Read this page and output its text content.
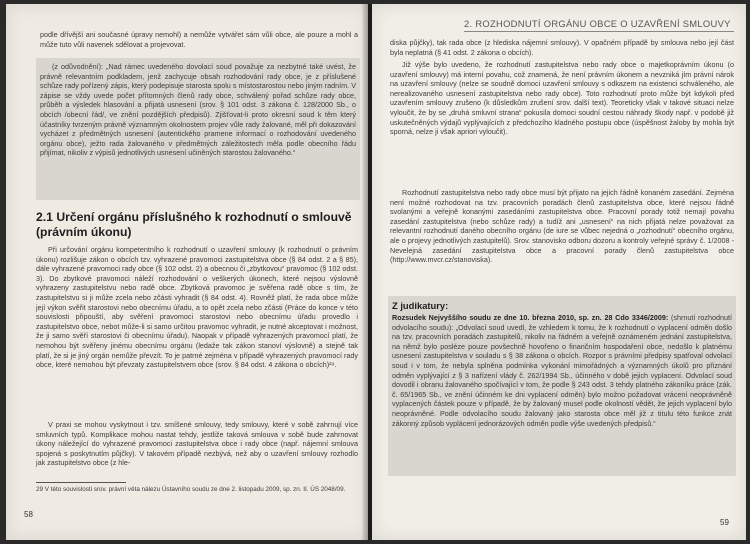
podle dřívější ani současné úpravy nemohl) a nemůže vytvářet sám vůli obce, ale pouze a mohl a může tuto vůli navenek sdělovat a projevovat.

(z odůvodnění): „Nad rámec uvedeného dovolací soud považuje za nezbytné také uvést, že právně relevantním podkladem, jenž zachycuje obsah rozhodování rady obce, je z příslušené schůze rady pořízený zápis, který podepisuje starosta spolu s místostarostou nebo jiným radním. V zápise se vždy uvede počet přítomných členů rady obce, schválený pořad schůze rady obce, průběh a výsledek hlasování a přijatá usnesení (srov. § 101 odst. 3 zákona č. 128/2000 Sb., o obcích /obecní řád/, ve znění pozdějších předpisů). Zjišťovat-li proto okresní soud k těm který účastníky tvrzeným právně významným okolnostem projev vůle rady žalované, měl při dokazování vycházet z předmětných usnesení (autentického pramene informací o rozhodování uvedeného orgánu obce), ježto rada žalovaného v předmětných záležitostech měla podle obecního řádu přijímat, nikoliv z výpisů jednotlivých usnesení učiněných starostou žalovaného.“

2.1 Určení orgánu příslušného k rozhodnutí o smlouvě (právním úkonu)

Při určování orgánu kompetentního k rozhodnutí o uzavření smlouvy (k rozhodnutí o právním úkonu) rozlišuje zákon o obcích tzv. vyhrazené pravomoci zastupitelstva obce (§ 84 odst. 2 a § 85), dále vyhrazené pravomoci rady obce (§ 102 odst. 2) a obecnou či „zbytkovou“ pravomoc (§ 102 odst. 3). Do zbytkové pravomoci náleží rozhodování o veškerých úkonech, které nejsou výslovně vyhrazeny zastupitelstvu nebo radě obce. Zbytková pravomoc je svěřena radě obce s tím, že zastupitelstvu si ji může zcela nebo zčásti vyhradit (§ 84 odst. 4). Rovněž platí, že rada obce může její výkon svěřit starostovi nebo obecnímu úřadu, a to opět zcela nebo zčásti (Práce do konce v této souvislosti připouští, aby svěření pravomoci starostovi nebo obecnímu úřadu provedlo i zastupitelstvo obce, nebot může-li si samo určitou pravomoc vyhradit, je nutné akceptovat i možnost, že ji samo svěří starostovi či obecnímu úřadu). Naopak v případě vyhrazených pravomocí platí, že nemohou být svěřeny jinému obecnímu orgánu (ledaže tak zákon stanoví výslovně) a stejně tak platí, že si je jiný orgán nemůže převzít. To je patrné zejména v případě vyhrazených pravomocí rady obce, které nemohou být převzaty zastupitelstvem obce (srov. § 84 odst. 4 zákona o obcích)²⁹.

V praxi se mohou vyskytnout i tzv. smíšené smlouvy, tedy smlouvy, které v sobě zahrnují více smluvních typů. Komplikace mohou nastat tehdy, jestliže taková smlouva v sobě bude zahrnovat úkony náležející do vyhrazené pravomoci zastupitelstva obce i rady obce (např. nájemní smlouva spojená s poskytnutím půjčky). V takovém případě nezbývá, než aby o uzavření smlouvy rozhodlo jak zastupitelstvo obce (z hle-

29 V této souvislosti srov. právní věta nálezu Ústavního soudu ze dne 2. listopadu 2009, sp. zn. II. ÚS 2048/09.

58
2. ROZHODNUTÍ ORGÁNU OBCE O UZAVŘENÍ SMLOUVY

diska půjčky), tak rada obce (z hlediska nájemní smlouvy). V opačném případě by smlouva nebo její část byla neplatná (§ 41 odst. 2 zákona o obcích).

Již výše bylo uvedeno, že rozhodnutí zastupitelstva nebo rady obce o majetkoprávním úkonu (o uzavření smlouvy) má interní povahu, což znamená, že není právním úkonem a nevzniká jím právní nárok na uzavření smlouvy (nelze se soudně domoci uzavření smlouvy s odkazem na existenci schváleného, ale nerealizovaného usnesení zastupitelstva nebo rady obce). Toto rozhodnutí proto může být kdykoli před uzavřením smlouvy zrušeno (k důsledkům zrušení srov. další text). Teoreticky však v takové situaci nelze vyloučit, že by se „druhá smluvní strana“ pokusila domoci soudní cestou náhrady škody např. v podobě již uskutečněných výdajů vyplývajících z předchozího kladného postupu obce (úspěšnost žaloby by mohla být sporná, nelze ji však apriori vyloučit).

Rozhodnutí zastupitelstva nebo rady obce musí být přijato na jejich řádně konaném zasedání. Zejména není možné rozhodovat na tzv. pracovních poradách členů zastupitelstva obce, které nejsou řádně svolanými a veřejně konanými zasedáními zastupitelstva obce. Pracovní porady totiž nemají povahu zasedání zastupitelstva (nebo schůze rady) a tudíž ani „usnesení“ na nich přijatá nelze považovat za relevantní rozhodnutí daného obecního orgánu (de iure se vůbec nejedná o „rozhodnutí“ obecního orgánu, ale o projevy jednotlivých zastupitelů). Srov. stanovisko odboru dozoru a kontroly veřejné správy č. 1/2008 - Nevelejná zasedání zastupitelstva obce a pracovní porady členů zastupitelstva obce (http://www.mvcr.cz/stanoviska).

Z judikatury:

Rozsudek Nejvyššího soudu ze dne 10. března 2010, sp. zn. 28 Cdo 3346/2009: (shrnutí rozhodnutí odvolacího soudu): „Odvolací soud uvedl, že vzhledem k tomu, že k rozhodnutí o vyplacení odměn došlo na tzv. pracovních poradách zastupitelů, nikoliv na řádném a veřejně oznámeném jednání zastupitelstva, na němž bylo posléze pouze povšechně hovořeno o finančním hospodaření obce, nedošlo k platnému usnesení zastupitelstva v souladu s § 38 zákona o obcích. Rozpor s právními předpisy spatřoval odvolací soud i v tom, že nebyla splněna podmínka vykonání mimořádných a významných úkolů pro přiznání odměn vyplývající z § 3 nařízení vlády č. 262/1994 Sb., účinného v době jejich vyplacení. Odvolací soud dovodil i obranu žalovaného spočívající v tom, že podle § 243 odst. 3 tehdy platného zákoníku práce (zák. č. 65/1965 Sb., ve znění účinném ke dni vyplacení odměn) bylo možno požadovat vrácení neoprávněně vyplacených částek pouze v případě, že by žalovaný musel podle okolností vědět, že jejich vyplacení bylo neoprávněné. Podle odvolacího soudu žalovaný jako starosta obce měl již z titulu této funkce znát zákonný způsob vyplácení jednorázových odměn podle výše uvedených předpisů.“

59
